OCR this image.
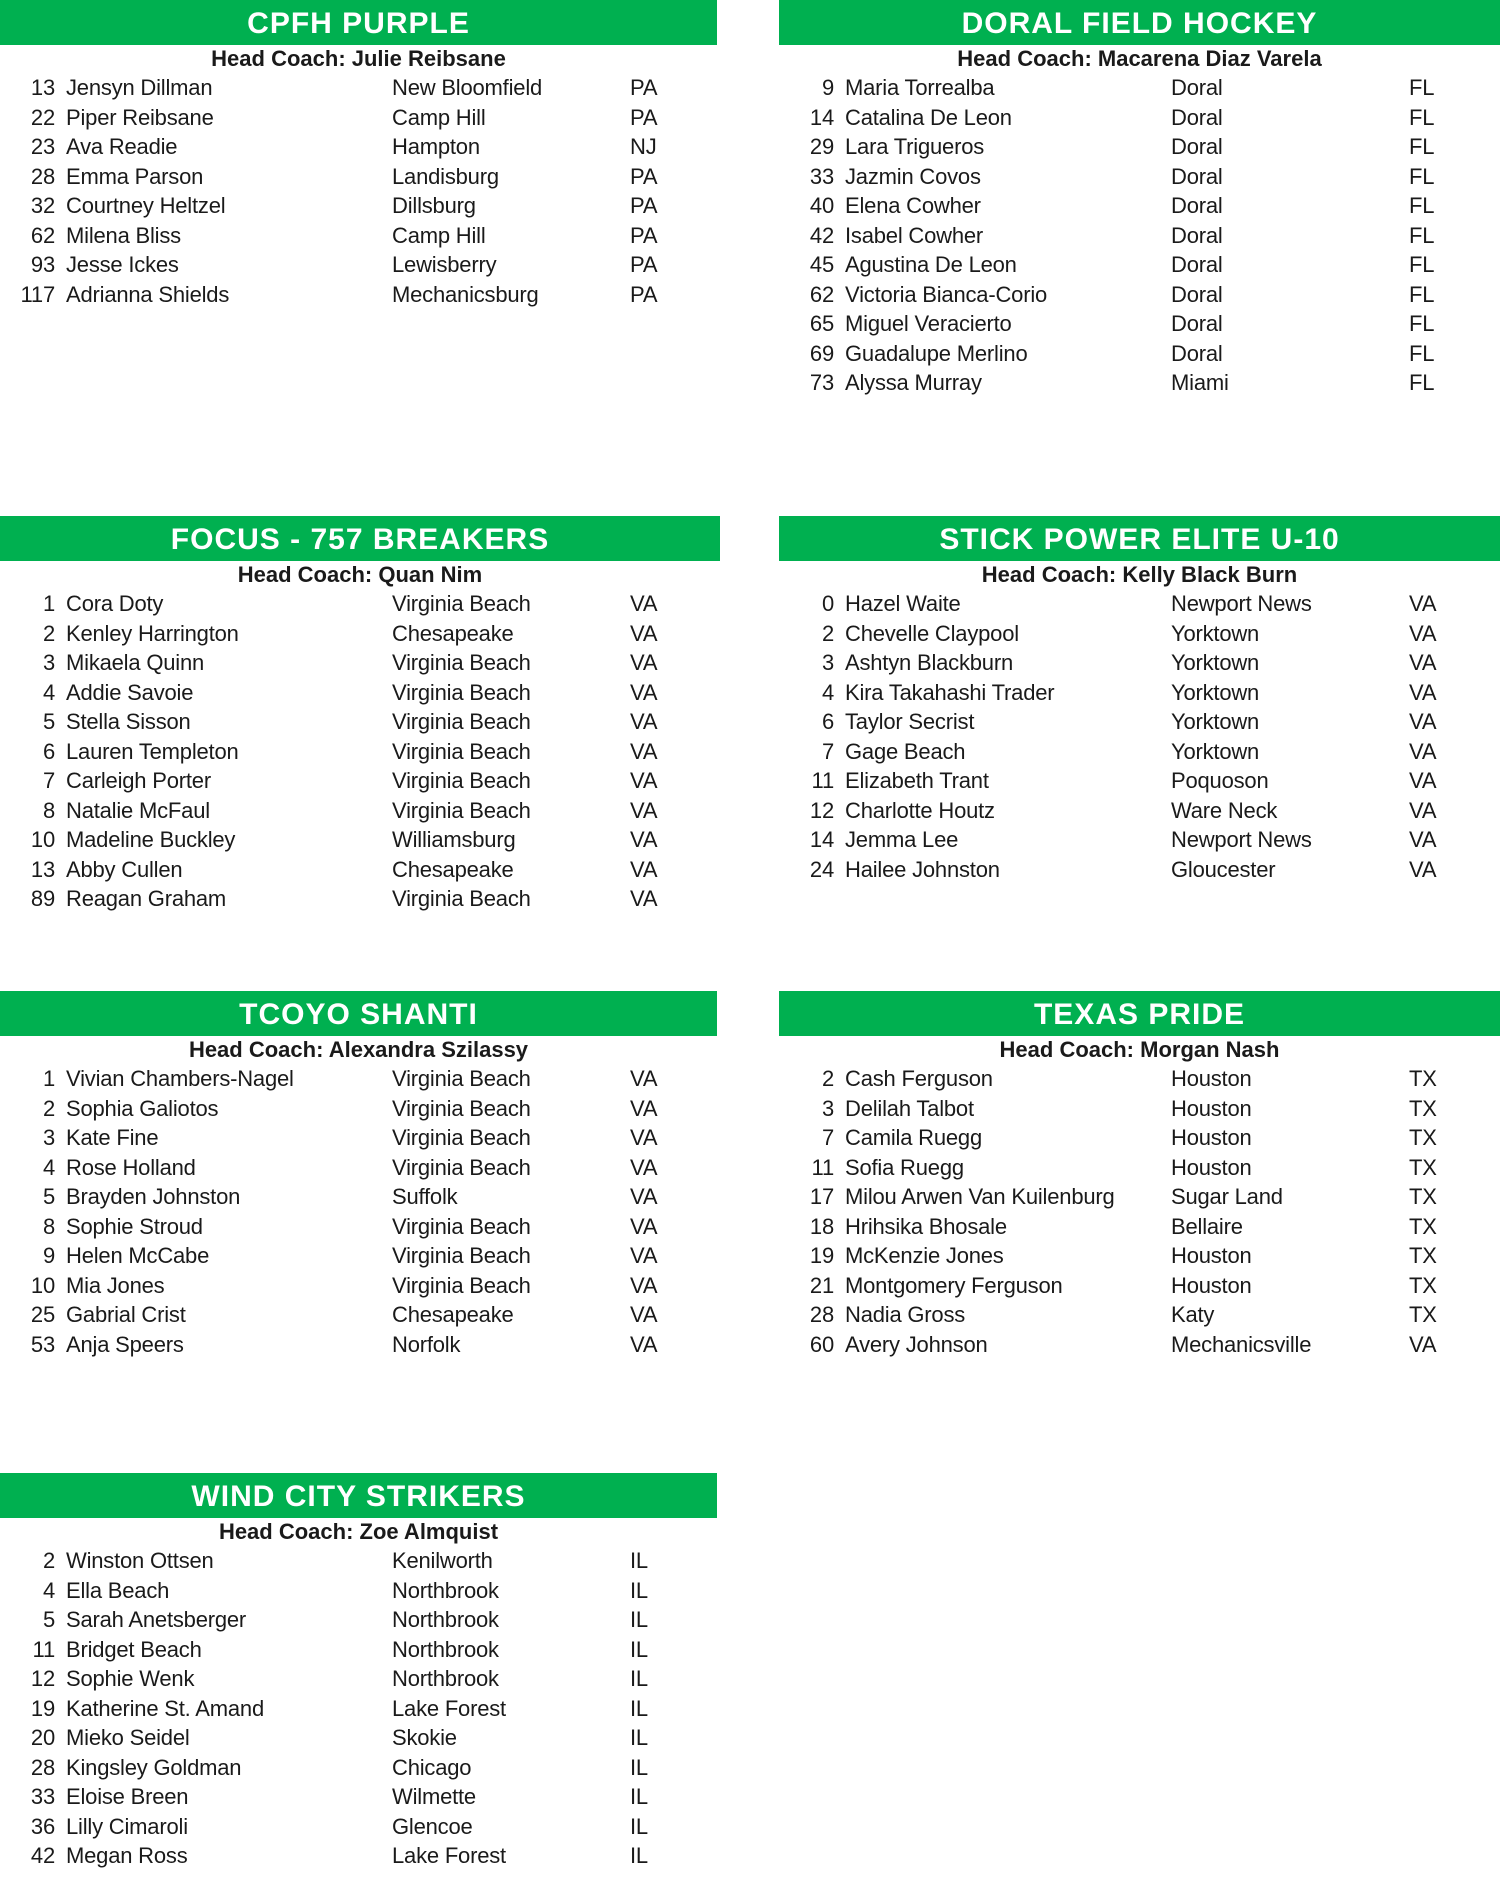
CPFH PURPLE
Head Coach: Julie Reibsane
13 Jensyn Dillman	New Bloomfield	PA
22 Piper Reibsane	Camp Hill	PA
23 Ava Readie	Hampton	NJ
28 Emma Parson	Landisburg	PA
32 Courtney Heltzel	Dillsburg	PA
62 Milena Bliss	Camp Hill	PA
93 Jesse Ickes	Lewisberry	PA
117 Adrianna Shields	Mechanicsburg	PA
DORAL FIELD HOCKEY
Head Coach: Macarena Diaz Varela
9 Maria Torrealba	Doral	FL
14 Catalina De Leon	Doral	FL
29 Lara Trigueros	Doral	FL
33 Jazmin Covos	Doral	FL
40 Elena Cowher	Doral	FL
42 Isabel Cowher	Doral	FL
45 Agustina De Leon	Doral	FL
62 Victoria Bianca-Corio	Doral	FL
65 Miguel Veracierto	Doral	FL
69 Guadalupe Merlino	Doral	FL
73 Alyssa Murray	Miami	FL
FOCUS - 757 BREAKERS
Head Coach: Quan Nim
1 Cora Doty	Virginia Beach	VA
2 Kenley Harrington	Chesapeake	VA
3 Mikaela Quinn	Virginia Beach	VA
4 Addie Savoie	Virginia Beach	VA
5 Stella Sisson	Virginia Beach	VA
6 Lauren Templeton	Virginia Beach	VA
7 Carleigh Porter	Virginia Beach	VA
8 Natalie McFaul	Virginia Beach	VA
10 Madeline Buckley	Williamsburg	VA
13 Abby Cullen	Chesapeake	VA
89 Reagan Graham	Virginia Beach	VA
STICK POWER ELITE U-10
Head Coach: Kelly Black Burn
0 Hazel Waite	Newport News	VA
2 Chevelle Claypool	Yorktown	VA
3 Ashtyn Blackburn	Yorktown	VA
4 Kira Takahashi Trader	Yorktown	VA
6 Taylor Secrist	Yorktown	VA
7 Gage Beach	Yorktown	VA
11 Elizabeth Trant	Poquoson	VA
12 Charlotte Houtz	Ware Neck	VA
14 Jemma Lee	Newport News	VA
24 Hailee Johnston	Gloucester	VA
TCOYO SHANTI
Head Coach: Alexandra Szilassy
1 Vivian Chambers-Nagel	Virginia Beach	VA
2 Sophia Galiotos	Virginia Beach	VA
3 Kate Fine	Virginia Beach	VA
4 Rose Holland	Virginia Beach	VA
5 Brayden Johnston	Suffolk	VA
8 Sophie Stroud	Virginia Beach	VA
9 Helen McCabe	Virginia Beach	VA
10 Mia Jones	Virginia Beach	VA
25 Gabrial Crist	Chesapeake	VA
53 Anja Speers	Norfolk	VA
TEXAS PRIDE
Head Coach: Morgan Nash
2 Cash Ferguson	Houston	TX
3 Delilah Talbot	Houston	TX
7 Camila Ruegg	Houston	TX
11 Sofia Ruegg	Houston	TX
17 Milou Arwen Van Kuilenburg	Sugar Land	TX
18 Hrihsika Bhosale	Bellaire	TX
19 McKenzie Jones	Houston	TX
21 Montgomery Ferguson	Houston	TX
28 Nadia Gross	Katy	TX
60 Avery Johnson	Mechanicsville	VA
WIND CITY STRIKERS
Head Coach: Zoe Almquist
2 Winston Ottsen	Kenilworth	IL
4 Ella Beach	Northbrook	IL
5 Sarah Anetsberger	Northbrook	IL
11 Bridget Beach	Northbrook	IL
12 Sophie Wenk	Northbrook	IL
19 Katherine St. Amand	Lake Forest	IL
20 Mieko Seidel	Skokie	IL
28 Kingsley Goldman	Chicago	IL
33 Eloise Breen	Wilmette	IL
36 Lilly Cimaroli	Glencoe	IL
42 Megan Ross	Lake Forest	IL
